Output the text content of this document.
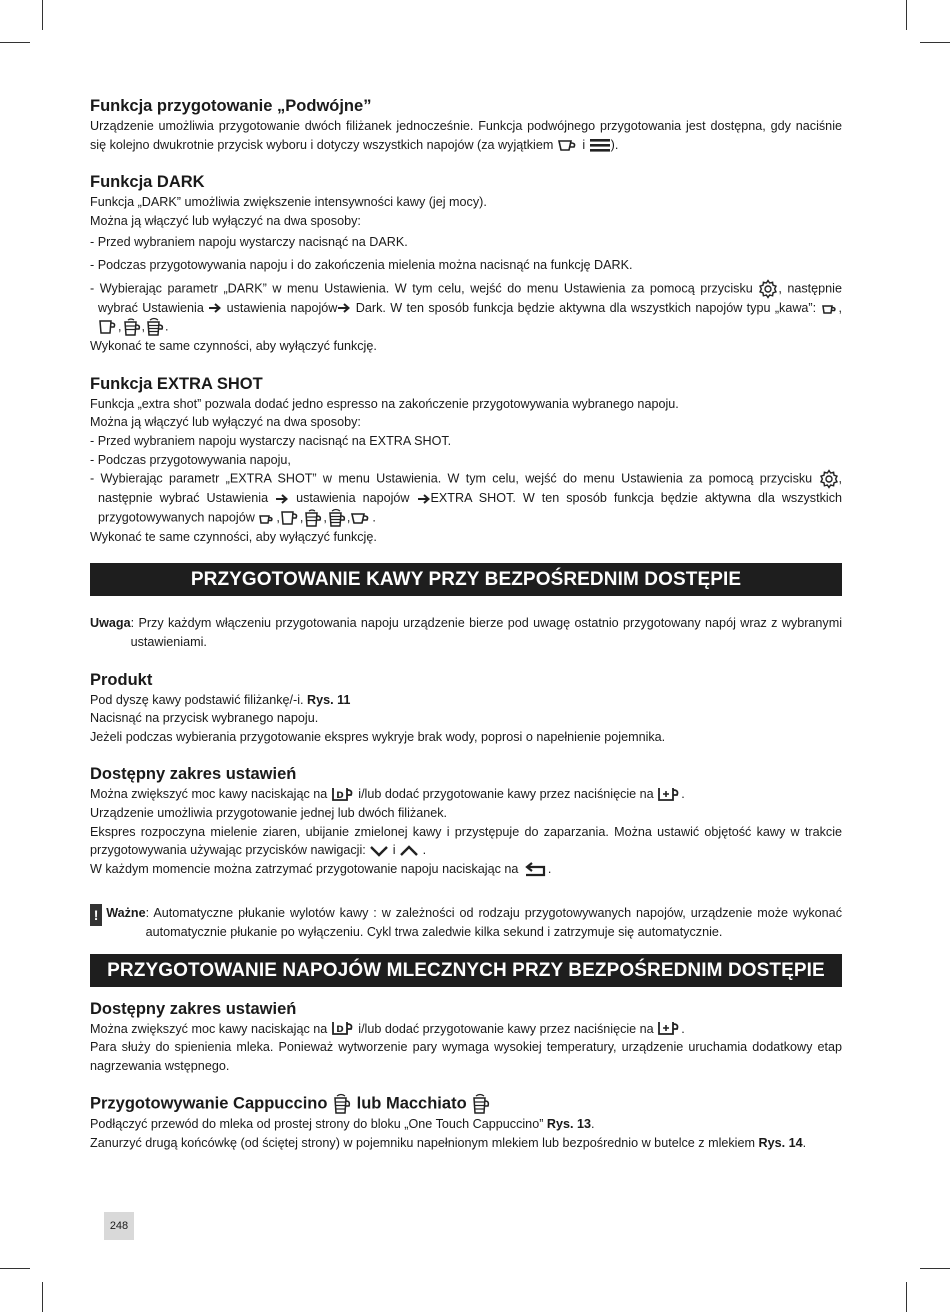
Funkcja przygotowanie „Podwójne”

Urządzenie umożliwia przygotowanie dwóch filiżanek jednocześnie. Funkcja podwójnego przygotowania jest dostępna, gdy naciśnie się kolejno dwukrotnie przycisk wyboru i dotyczy wszystkich napojów (za wyjątkiem
i
).

Funkcja DARK

Funkcja „DARK” umożliwia zwiększenie intensywności kawy (jej mocy).

Można ją włączyć lub wyłączyć na dwa sposoby:

- Przed wybraniem napoju wystarczy nacisnąć na DARK.

- Podczas przygotowywania napoju i do zakończenia mielenia można nacisnąć na funkcję DARK.

- Wybierając parametr „DARK” w menu Ustawienia. W tym celu, wejść do menu Ustawienia za pomocą przycisku
, następnie wybrać Ustawienia
ustawienia napojów
Dark. W ten sposób funkcja będzie aktywna dla wszystkich napojów typu „kawa”:
,
, , .

Wykonać te same czynności, aby wyłączyć funkcję.

Funkcja EXTRA SHOT

Funkcja „extra shot” pozwala dodać jedno espresso na zakończenie przygotowywania wybranego napoju.

Można ją włączyć lub wyłączyć na dwa sposoby:

- Przed wybraniem napoju wystarczy nacisnąć na EXTRA SHOT.

- Podczas przygotowywania napoju,

- Wybierając parametr „EXTRA SHOT” w menu Ustawienia. W tym celu, wejść do menu Ustawienia za pomocą przycisku
, następnie wybrać Ustawienia
ustawienia napojów
EXTRA SHOT. W ten sposób funkcja będzie aktywna dla wszystkich przygotowywanych napojów
, , , , .

Wykonać te same czynności, aby wyłączyć funkcję.

PRZYGOTOWANIE KAWY PRZY BEZPOŚREDNIM DOSTĘPIE
Uwaga : Przy każdym włączeniu przygotowania napoju urządzenie bierze pod uwagę ostatnio przygotowany napój wraz z wybranymi ustawieniami.
Produkt

Pod dyszę kawy podstawić filiżankę/-i. Rys. 11

Nacisnąć na przycisk wybranego napoju.

Jeżeli podczas wybierania przygotowanie ekspres wykryje brak wody, poprosi o napełnienie pojemnika.

Dostępny zakres ustawień

Można zwiększyć moc kawy naciskając na D i/lub dodać przygotowanie kawy przez naciśnięcie na
.

Urządzenie umożliwia przygotowanie jednej lub dwóch filiżanek.

Ekspres rozpoczyna mielenie ziaren, ubijanie zmielonej kawy i przystępuje do zaparzania. Można ustawić objętość kawy w trakcie przygotowywania używając przycisków nawigacji:
i
.

W każdym momencie można zatrzymać przygotowanie napoju naciskając na
.

! Ważne : Automatyczne płukanie wylotów kawy : w zależności od rodzaju przygotowywanych napojów, urządzenie może wykonać automatycznie płukanie po wyłączeniu. Cykl trwa zaledwie kilka sekund i zatrzymuje się automatycznie.
PRZYGOTOWANIE NAPOJÓW MLECZNYCH PRZY BEZPOŚREDNIM DOSTĘPIE
Dostępny zakres ustawień

Można zwiększyć moc kawy naciskając na D i/lub dodać przygotowanie kawy przez naciśnięcie na
.

Para służy do spienienia mleka. Ponieważ wytworzenie pary wymaga wysokiej temperatury, urządzenie uruchamia dodatkowy etap nagrzewania wstępnego.

Przygotowywanie Cappuccino
lub Macchiato

Podłączyć przewód do mleka od prostej strony do bloku „One Touch Cappuccino” Rys. 13.

Zanurzyć drugą końcówkę (od ściętej strony) w pojemniku napełnionym mlekiem lub bezpośrednio w butelce z mlekiem Rys. 14.

248
